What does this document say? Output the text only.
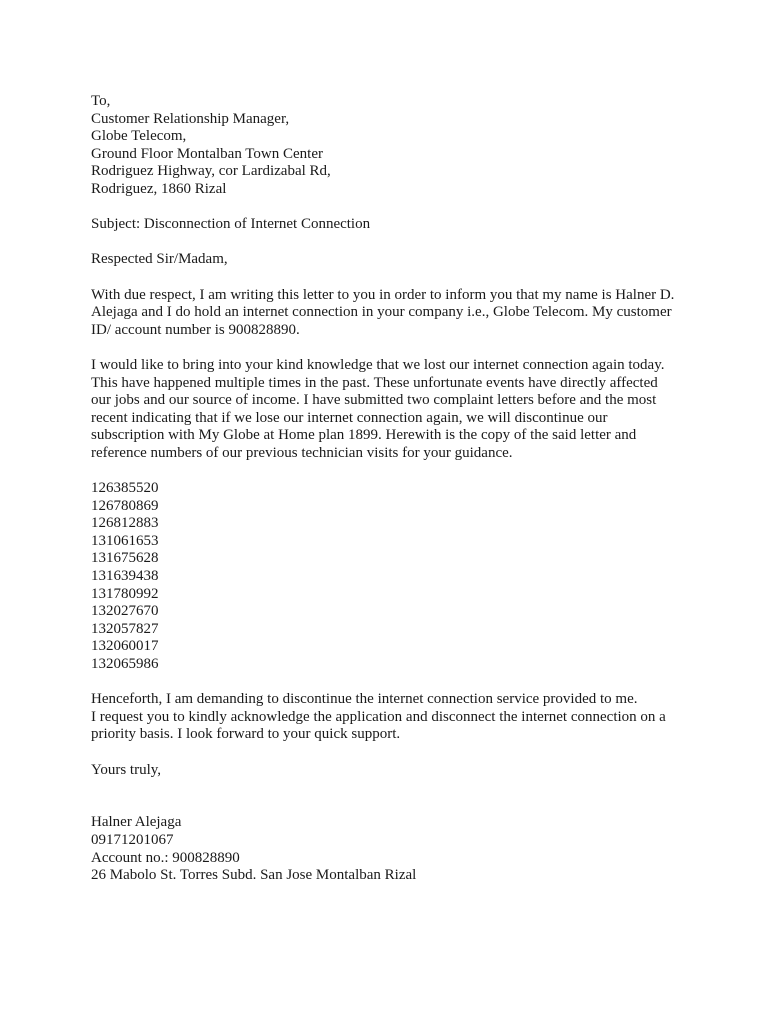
To,
Customer Relationship Manager,
Globe Telecom,
Ground Floor Montalban Town Center
Rodriguez Highway, cor Lardizabal Rd,
Rodriguez, 1860 Rizal
Subject: Disconnection of Internet Connection
Respected Sir/Madam,
With due respect, I am writing this letter to you in order to inform you that my name is Halner D.
Alejaga and I do hold an internet connection in your company i.e., Globe Telecom. My customer
ID/ account number is 900828890.
I would like to bring into your kind knowledge that we lost our internet connection again today.
This have happened multiple times in the past. These unfortunate events have directly affected
our jobs and our source of income. I have submitted two complaint letters before and the most
recent indicating that if we lose our internet connection again, we will discontinue our
subscription with My Globe at Home plan 1899. Herewith is the copy of the said letter and
reference numbers of our previous technician visits for your guidance.
126385520
126780869
126812883
131061653
131675628
131639438
131780992
132027670
132057827
132060017
132065986
Henceforth, I am demanding to discontinue the internet connection service provided to me.
I request you to kindly acknowledge the application and disconnect the internet connection on a
priority basis. I look forward to your quick support.
Yours truly,
Halner Alejaga
09171201067
Account no.: 900828890
26 Mabolo St. Torres Subd. San Jose Montalban Rizal
